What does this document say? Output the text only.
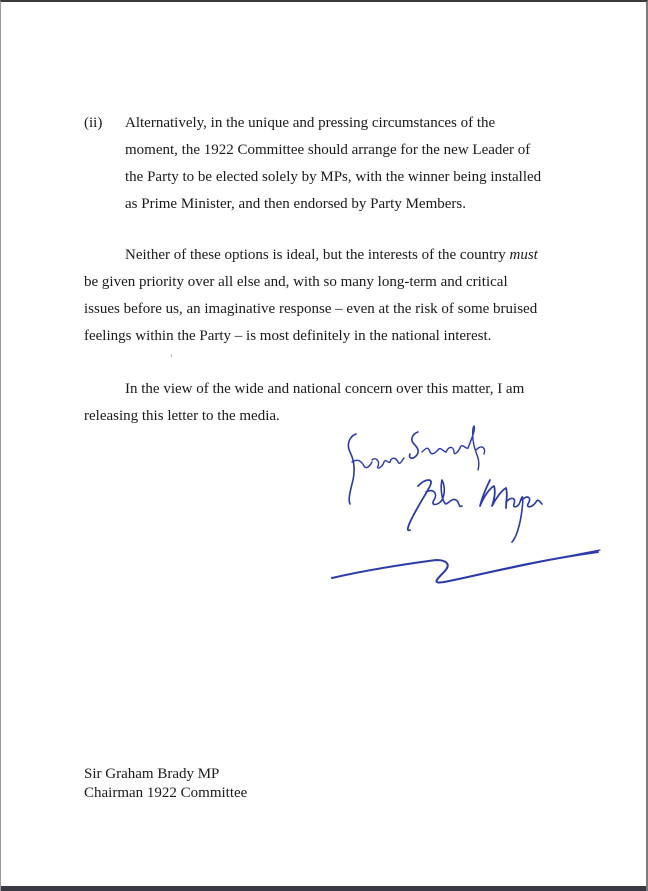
(ii) Alternatively, in the unique and pressing circumstances of the
moment, the 1922 Committee should arrange for the new Leader of
the Party to be elected solely by MPs, with the winner being installed
as Prime Minister, and then endorsed by Party Members.
Neither of these options is ideal, but the interests of the country must
be given priority over all else and, with so many long-term and critical
issues before us, an imaginative response – even at the risk of some bruised
feelings within the Party – is most definitely in the national interest.
In the view of the wide and national concern over this matter, I am
releasing this letter to the media.
Sir Graham Brady MP
Chairman 1922 Committee
